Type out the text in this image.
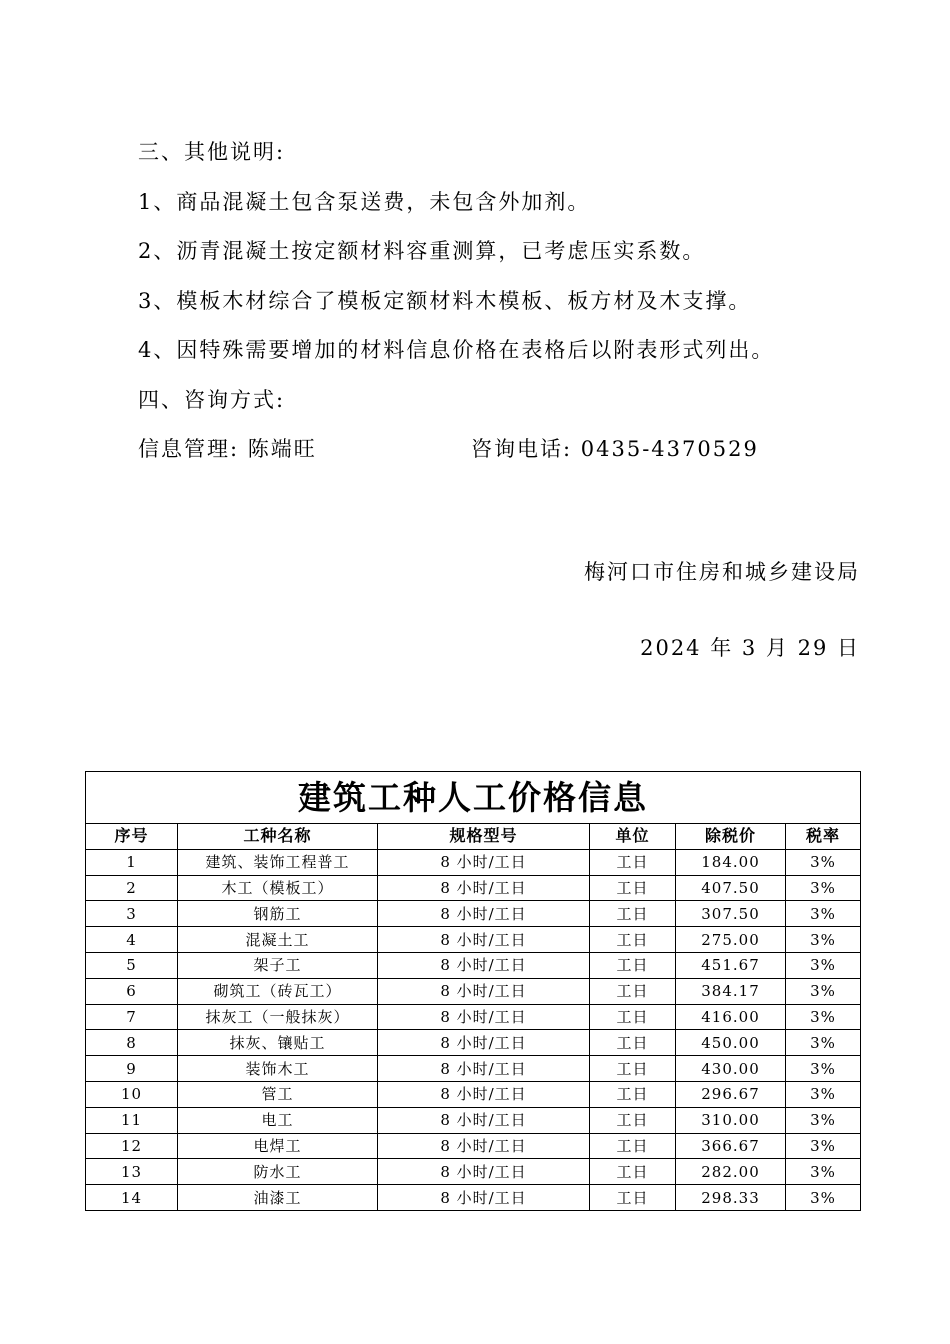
三、其他说明:
1、商品混凝土包含泵送费，未包含外加剂。
2、沥青混凝土按定额材料容重测算，已考虑压实系数。
3、模板木材综合了模板定额材料木模板、板方材及木支撑。
4、因特殊需要增加的材料信息价格在表格后以附表形式列出。
四、咨询方式:
信息管理: 陈端旺	咨询电话: 0435-4370529
梅河口市住房和城乡建设局
2024 年 3 月 29 日
建筑工种人工价格信息					
序号	工种名称	规格型号	单位	除税价	税率
1	建筑、装饰工程普工	8 小时/工日	工日	184.00	3%
2	木工（模板工）	8 小时/工日	工日	407.50	3%
3	钢筋工	8 小时/工日	工日	307.50	3%
4	混凝土工	8 小时/工日	工日	275.00	3%
5	架子工	8 小时/工日	工日	451.67	3%
6	砌筑工（砖瓦工）	8 小时/工日	工日	384.17	3%
7	抹灰工（一般抹灰）	8 小时/工日	工日	416.00	3%
8	抹灰、镶贴工	8 小时/工日	工日	450.00	3%
9	装饰木工	8 小时/工日	工日	430.00	3%
10	管工	8 小时/工日	工日	296.67	3%
11	电工	8 小时/工日	工日	310.00	3%
12	电焊工	8 小时/工日	工日	366.67	3%
13	防水工	8 小时/工日	工日	282.00	3%
14	油漆工	8 小时/工日	工日	298.33	3%
